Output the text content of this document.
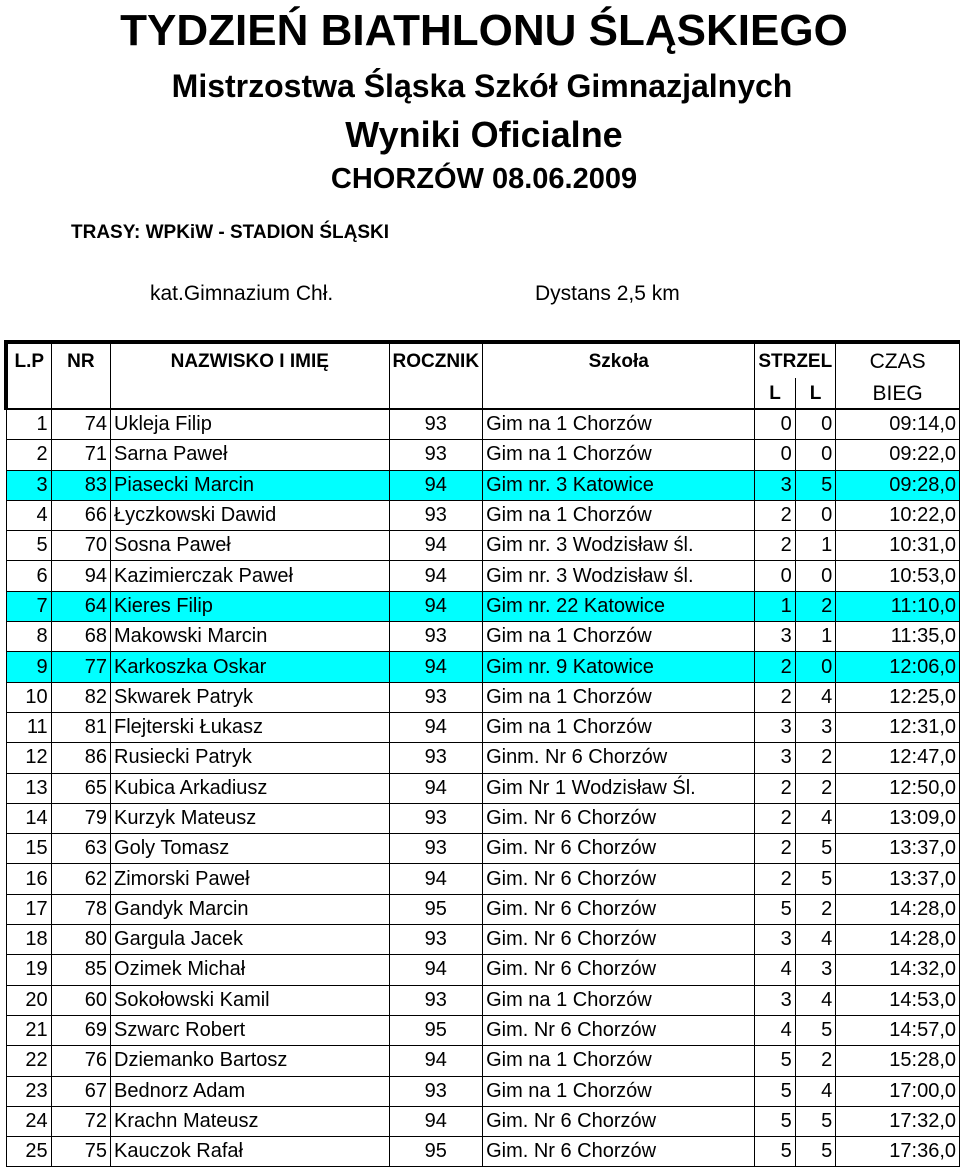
TYDZIEŃ BIATHLONU ŚLĄSKIEGO
Mistrzostwa Śląska Szkół Gimnazjalnych
Wyniki Oficialne
CHORZÓW 08.06.2009
TRASY: WPKiW - STADION ŚLĄSKI
kat.Gimnazium Chł.	Dystans 2,5 km
L.P	NR	NAZWISKO I IMIĘ	ROCZNIK	Szkoła	STRZEL		CZAS
					L	L	BIEG
1	74	Ukleja Filip	93	Gim na 1 Chorzów	0	0	09:14,0
2	71	Sarna Paweł	93	Gim na 1 Chorzów	0	0	09:22,0
3	83	Piasecki Marcin	94	Gim nr. 3 Katowice	3	5	09:28,0
4	66	Łyczkowski Dawid	93	Gim na 1 Chorzów	2	0	10:22,0
5	70	Sosna Paweł	94	Gim nr. 3 Wodzisław śl.	2	1	10:31,0
6	94	Kazimierczak Paweł	94	Gim nr. 3 Wodzisław śl.	0	0	10:53,0
7	64	Kieres Filip	94	Gim nr. 22 Katowice	1	2	11:10,0
8	68	Makowski Marcin	93	Gim na 1 Chorzów	3	1	11:35,0
9	77	Karkoszka Oskar	94	Gim nr. 9 Katowice	2	0	12:06,0
10	82	Skwarek Patryk	93	Gim na 1 Chorzów	2	4	12:25,0
11	81	Flejterski Łukasz	94	Gim na 1 Chorzów	3	3	12:31,0
12	86	Rusiecki Patryk	93	Ginm. Nr 6 Chorzów	3	2	12:47,0
13	65	Kubica Arkadiusz	94	Gim Nr 1 Wodzisław Śl.	2	2	12:50,0
14	79	Kurzyk Mateusz	93	Gim. Nr 6 Chorzów	2	4	13:09,0
15	63	Goly Tomasz	93	Gim. Nr 6 Chorzów	2	5	13:37,0
16	62	Zimorski Paweł	94	Gim. Nr 6 Chorzów	2	5	13:37,0
17	78	Gandyk Marcin	95	Gim. Nr 6 Chorzów	5	2	14:28,0
18	80	Gargula Jacek	93	Gim. Nr 6 Chorzów	3	4	14:28,0
19	85	Ozimek Michał	94	Gim. Nr 6 Chorzów	4	3	14:32,0
20	60	Sokołowski Kamil	93	Gim na 1 Chorzów	3	4	14:53,0
21	69	Szwarc Robert	95	Gim. Nr 6 Chorzów	4	5	14:57,0
22	76	Dziemanko Bartosz	94	Gim na 1 Chorzów	5	2	15:28,0
23	67	Bednorz Adam	93	Gim na 1 Chorzów	5	4	17:00,0
24	72	Krachn Mateusz	94	Gim. Nr 6 Chorzów	5	5	17:32,0
25	75	Kauczok Rafał	95	Gim. Nr 6 Chorzów	5	5	17:36,0
